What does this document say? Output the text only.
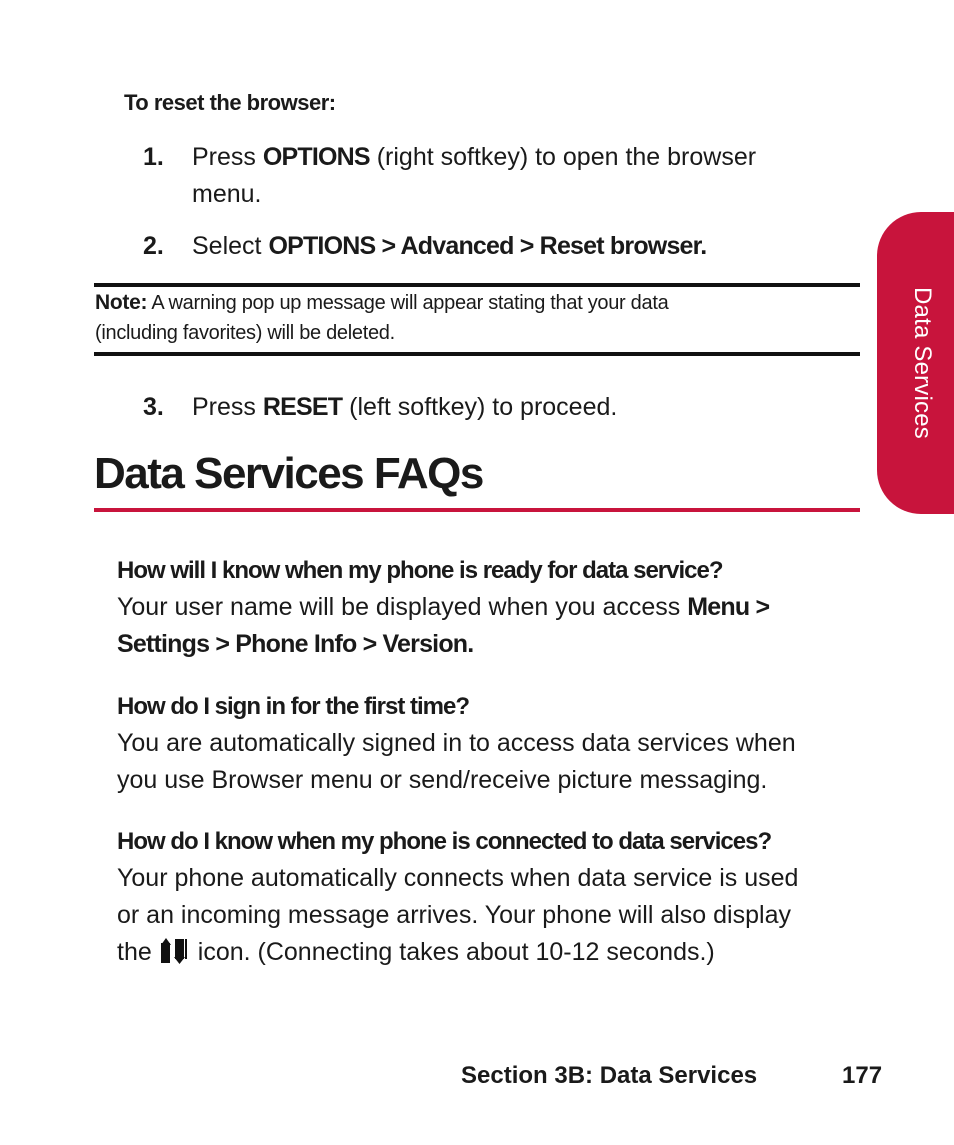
To reset the browser:
1. Press OPTIONS (right softkey) to open the browser
menu.
2. Select OPTIONS > Advanced > Reset browser.
Note: A warning pop up message will appear stating that your data
(including favorites) will be deleted.
3. Press RESET (left softkey) to proceed.
Data Services FAQs
How will I know when my phone is ready for data service?
Your user name will be displayed when you access Menu >
Settings > Phone Info > Version.
How do I sign in for the first time?
You are automatically signed in to access data services when
you use Browser menu or send/receive picture messaging.
How do I know when my phone is connected to data services?
Your phone automatically connects when data service is used
or an incoming message arrives. Your phone will also display
the icon. (Connecting takes about 10-12 seconds.)
Data Services
Section 3B: Data Services	177
